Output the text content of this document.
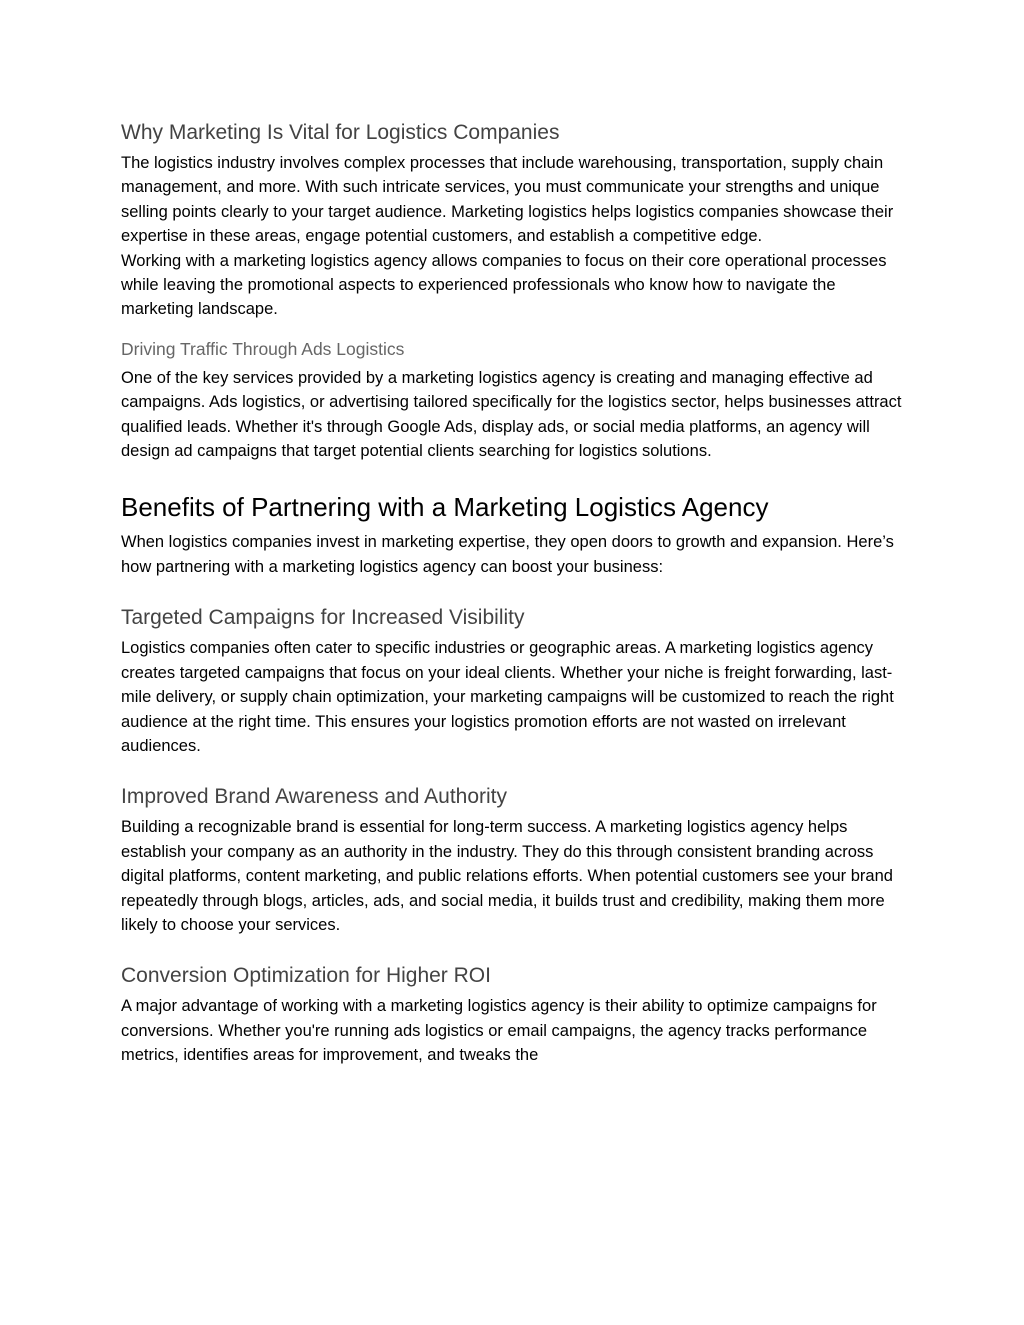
Why Marketing Is Vital for Logistics Companies

The logistics industry involves complex processes that include warehousing, transportation, supply chain management, and more. With such intricate services, you must communicate your strengths and unique selling points clearly to your target audience. Marketing logistics helps logistics companies showcase their expertise in these areas, engage potential customers, and establish a competitive edge.

Working with a marketing logistics agency allows companies to focus on their core operational processes while leaving the promotional aspects to experienced professionals who know how to navigate the marketing landscape.

Driving Traffic Through Ads Logistics

One of the key services provided by a marketing logistics agency is creating and managing effective ad campaigns. Ads logistics, or advertising tailored specifically for the logistics sector, helps businesses attract qualified leads. Whether it's through Google Ads, display ads, or social media platforms, an agency will design ad campaigns that target potential clients searching for logistics solutions.

Benefits of Partnering with a Marketing Logistics Agency

When logistics companies invest in marketing expertise, they open doors to growth and expansion. Here’s how partnering with a marketing logistics agency can boost your business:

Targeted Campaigns for Increased Visibility

Logistics companies often cater to specific industries or geographic areas. A marketing logistics agency creates targeted campaigns that focus on your ideal clients. Whether your niche is freight forwarding, last-mile delivery, or supply chain optimization, your marketing campaigns will be customized to reach the right audience at the right time. This ensures your logistics promotion efforts are not wasted on irrelevant audiences.

Improved Brand Awareness and Authority

Building a recognizable brand is essential for long-term success. A marketing logistics agency helps establish your company as an authority in the industry. They do this through consistent branding across digital platforms, content marketing, and public relations efforts. When potential customers see your brand repeatedly through blogs, articles, ads, and social media, it builds trust and credibility, making them more likely to choose your services.

Conversion Optimization for Higher ROI

A major advantage of working with a marketing logistics agency is their ability to optimize campaigns for conversions. Whether you're running ads logistics or email campaigns, the agency tracks performance metrics, identifies areas for improvement, and tweaks the
